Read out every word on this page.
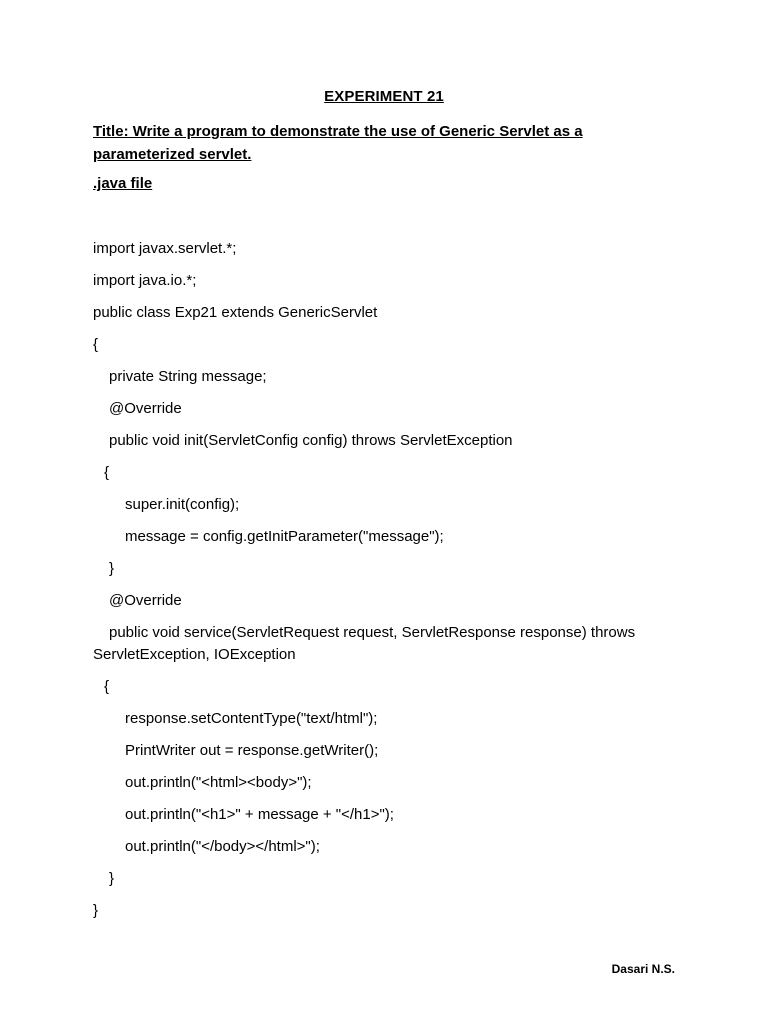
EXPERIMENT 21
Title: Write a program to demonstrate the use of Generic Servlet as a parameterized servlet.
.java file
import javax.servlet.*;
import java.io.*;
public class Exp21 extends GenericServlet
{
private String message;
@Override
public void init(ServletConfig config) throws ServletException
{
super.init(config);
message = config.getInitParameter("message");
}
@Override
public void service(ServletRequest request, ServletResponse response) throws ServletException, IOException
{
response.setContentType("text/html");
PrintWriter out = response.getWriter();
out.println("<html><body>");
out.println("<h1>" + message + "</h1>");
out.println("</body></html>");
}
}
Dasari N.S.
